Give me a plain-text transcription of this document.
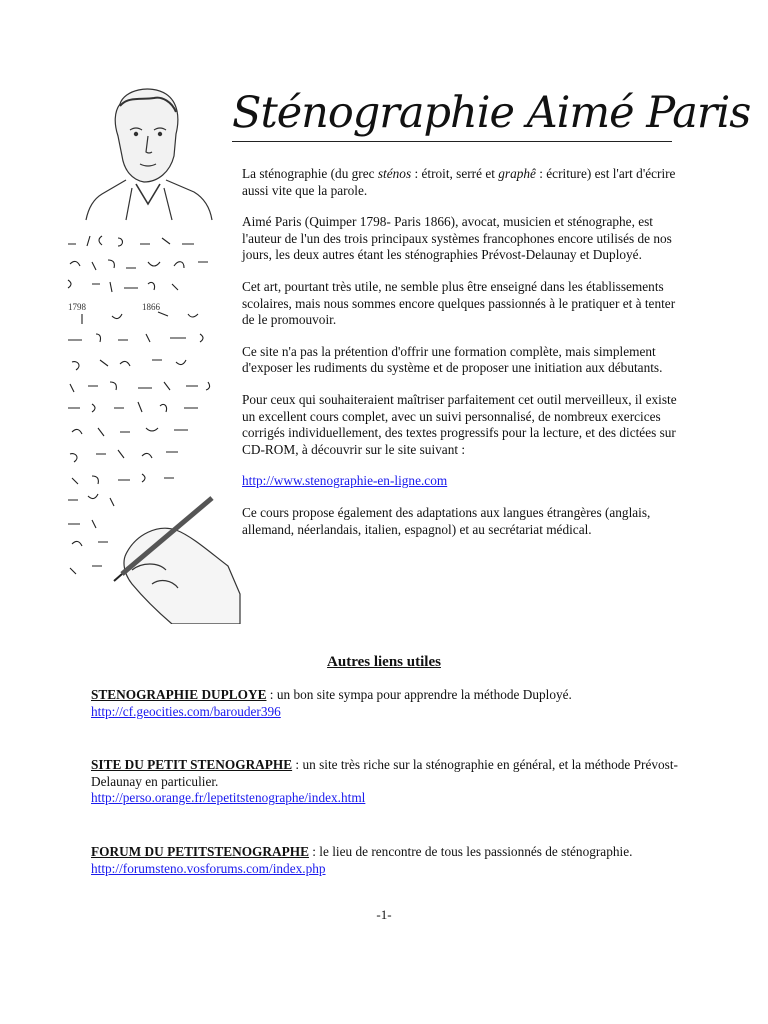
Sténographie Aimé Paris
1798	1866

La sténographie (du grec sténos : étroit, serré et graphê : écriture) est l'art d'écrire aussi vite que la parole.

Aimé Paris (Quimper 1798- Paris 1866), avocat, musicien et sténographe, est l'auteur de l'un des trois principaux systèmes francophones encore utilisés de nos jours, les deux autres étant les sténographies Prévost-Delaunay et Duployé.

Cet art, pourtant très utile, ne semble plus être enseigné dans les établissements scolaires, mais nous sommes encore quelques passionnés à le pratiquer et à tenter de le promouvoir.

Ce site n'a pas la prétention d'offrir une formation complète, mais simplement d'exposer les rudiments du système et de proposer une initiation aux débutants.

Pour ceux qui souhaiteraient maîtriser parfaitement cet outil merveilleux, il existe un excellent cours complet, avec un suivi personnalisé, de nombreux exercices corrigés individuellement, des textes progressifs pour la lecture, et des dictées sur CD-ROM, à découvrir sur le site suivant :

http://www.stenographie-en-ligne.com

Ce cours propose également des adaptations aux langues étrangères (anglais, allemand, néerlandais, italien, espagnol) et au secrétariat médical.

Autres liens utiles
STENOGRAPHIE DUPLOYE : un bon site sympa pour apprendre la méthode Duployé.
http://cf.geocities.com/barouder396
SITE DU PETIT STENOGRAPHE : un site très riche sur la sténographie en général, et la méthode Prévost-Delaunay en particulier.
http://perso.orange.fr/lepetitstenographe/index.html
FORUM DU PETITSTENOGRAPHE : le lieu de rencontre de tous les passionnés de sténographie.
http://forumsteno.vosforums.com/index.php
-1-
